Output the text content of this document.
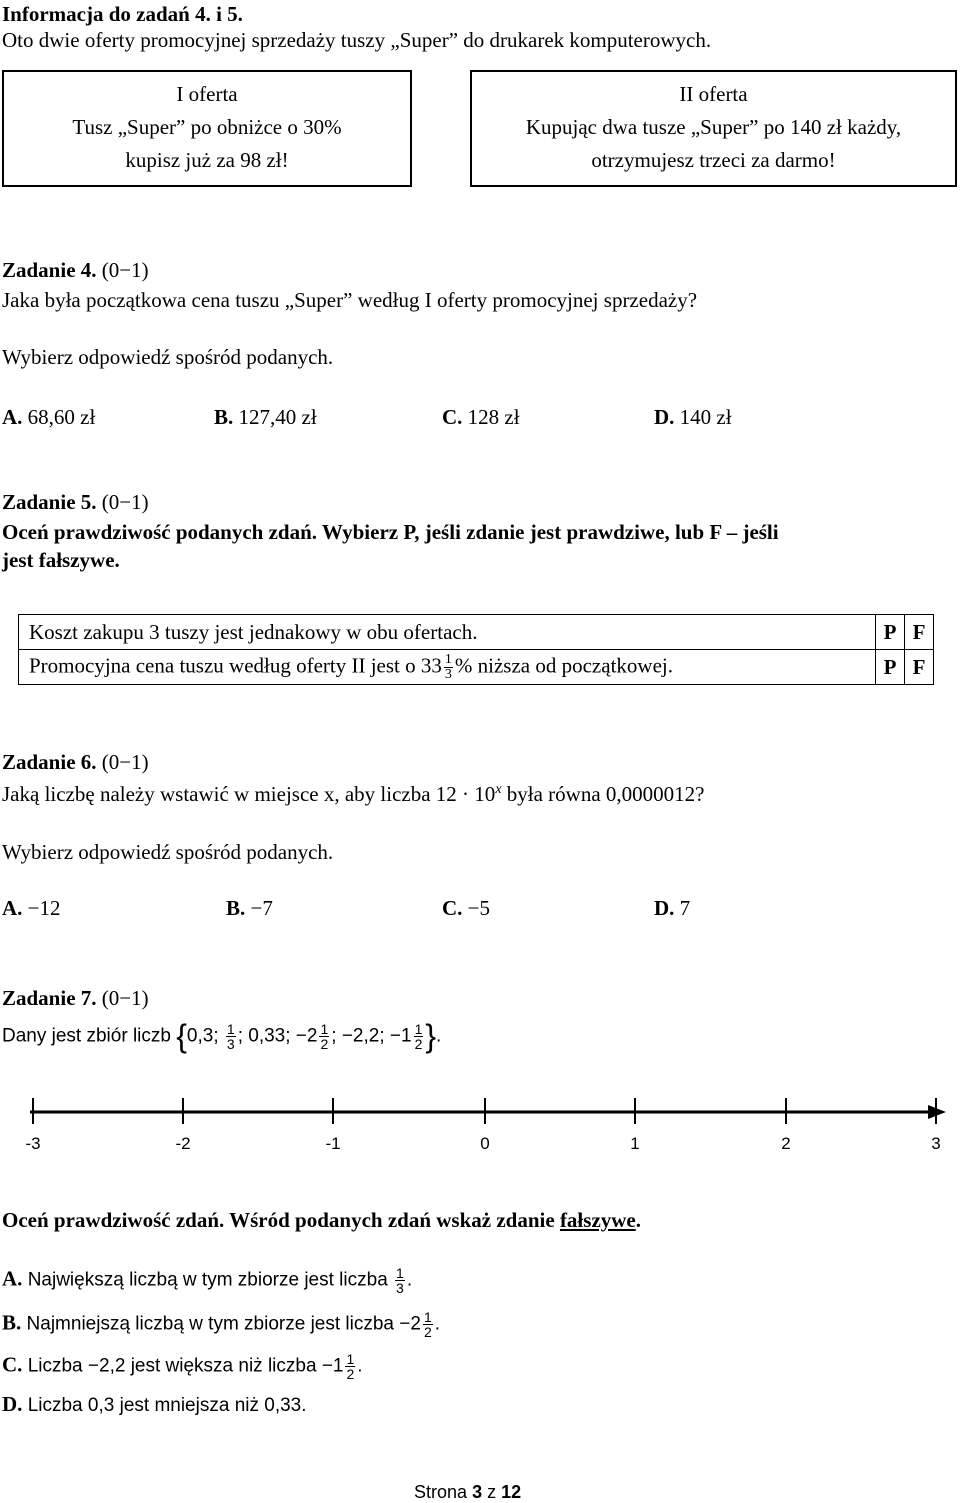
Informacja do zadań 4. i 5.
Oto dwie oferty promocyjnej sprzedaży tuszy „Super” do drukarek komputerowych.
I oferta
Tusz „Super” po obniżce o 30%
kupisz już za 98 zł!
II oferta
Kupując dwa tusze „Super” po 140 zł każdy,
otrzymujesz trzeci za darmo!
Zadanie 4. (0−1)
Jaka była początkowa cena tuszu „Super” według I oferty promocyjnej sprzedaży?
Wybierz odpowiedź spośród podanych.
A. 68,60 zł	B. 127,40 zł	C. 128 zł	D. 140 zł
Zadanie 5. (0−1)
Oceń prawdziwość podanych zdań. Wybierz P, jeśli zdanie jest prawdziwe, lub F – jeśli
jest fałszywe.
Koszt zakupu 3 tuszy jest jednakowy w obu ofertach.	P	F
Promocyjna cena tuszu według oferty II jest o $33 \frac{1}{3}$ % niższa od początkowej.	P	F
Zadanie 6. (0−1)
Jaką liczbę należy wstawić w miejsce x, aby liczba $12 \cdot 10^x$ była równa 0,0000012?
Wybierz odpowiedź spośród podanych.
A. −12	B. −7	C. −5	D. 7
Zadanie 7. (0−1)
Dany jest zbiór liczb {0,3; $\frac{1}{3}$ ; 0,33; $-2 \frac{1}{2}$ ; −2,2; $-1 \frac{1}{2}$ }.
-3	-2	-1	0	1	2	3
Oceń prawdziwość zdań. Wśród podanych zdań wskaż zdanie fałszywe.
A. Największą liczbą w tym zbiorze jest liczba $\frac{1}{3}$ .
B. Najmniejszą liczbą w tym zbiorze jest liczba $-2 \frac{1}{2}$ .
C. Liczba −2,2 jest większa niż liczba $-1 \frac{1}{2}$ .
D. Liczba 0,3 jest mniejsza niż 0,33.
Strona 3 z 12
